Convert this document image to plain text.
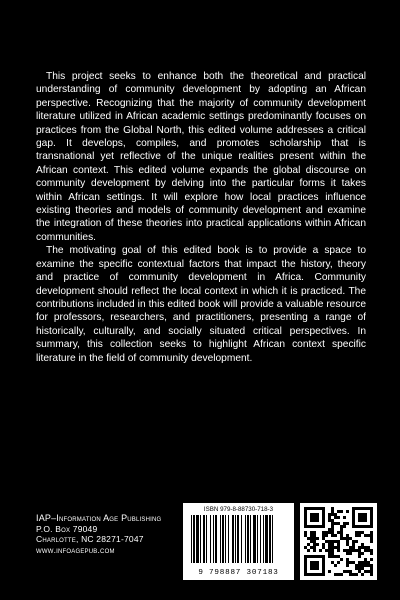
This project seeks to enhance both the theoretical and practical understanding of community development by adopting an African perspective. Recognizing that the majority of community development literature utilized in African academic settings predominantly focuses on practices from the Global North, this edited volume addresses a critical gap. It develops, compiles, and promotes scholarship that is transnational yet reflective of the unique realities present within the African context. This edited volume expands the global discourse on community development by delving into the particular forms it takes within African settings. It will explore how local practices influence existing theories and models of community development and examine the integration of these theories into practical applications within African communities.

The motivating goal of this edited book is to provide a space to examine the specific contextual factors that impact the history, theory and practice of community development in Africa. Community development should reflect the local context in which it is practiced. The contributions included in this edited book will provide a valuable resource for professors, researchers, and practitioners, presenting a range of historically, culturally, and socially situated critical perspectives. In summary, this collection seeks to highlight African context specific literature in the field of community development.

IAP–Information Age Publishing
P.O. Box 79049
Charlotte, NC 28271-7047
www.infoagepub.com
ISBN 979-8-88730-718-3
9 798887 307183
